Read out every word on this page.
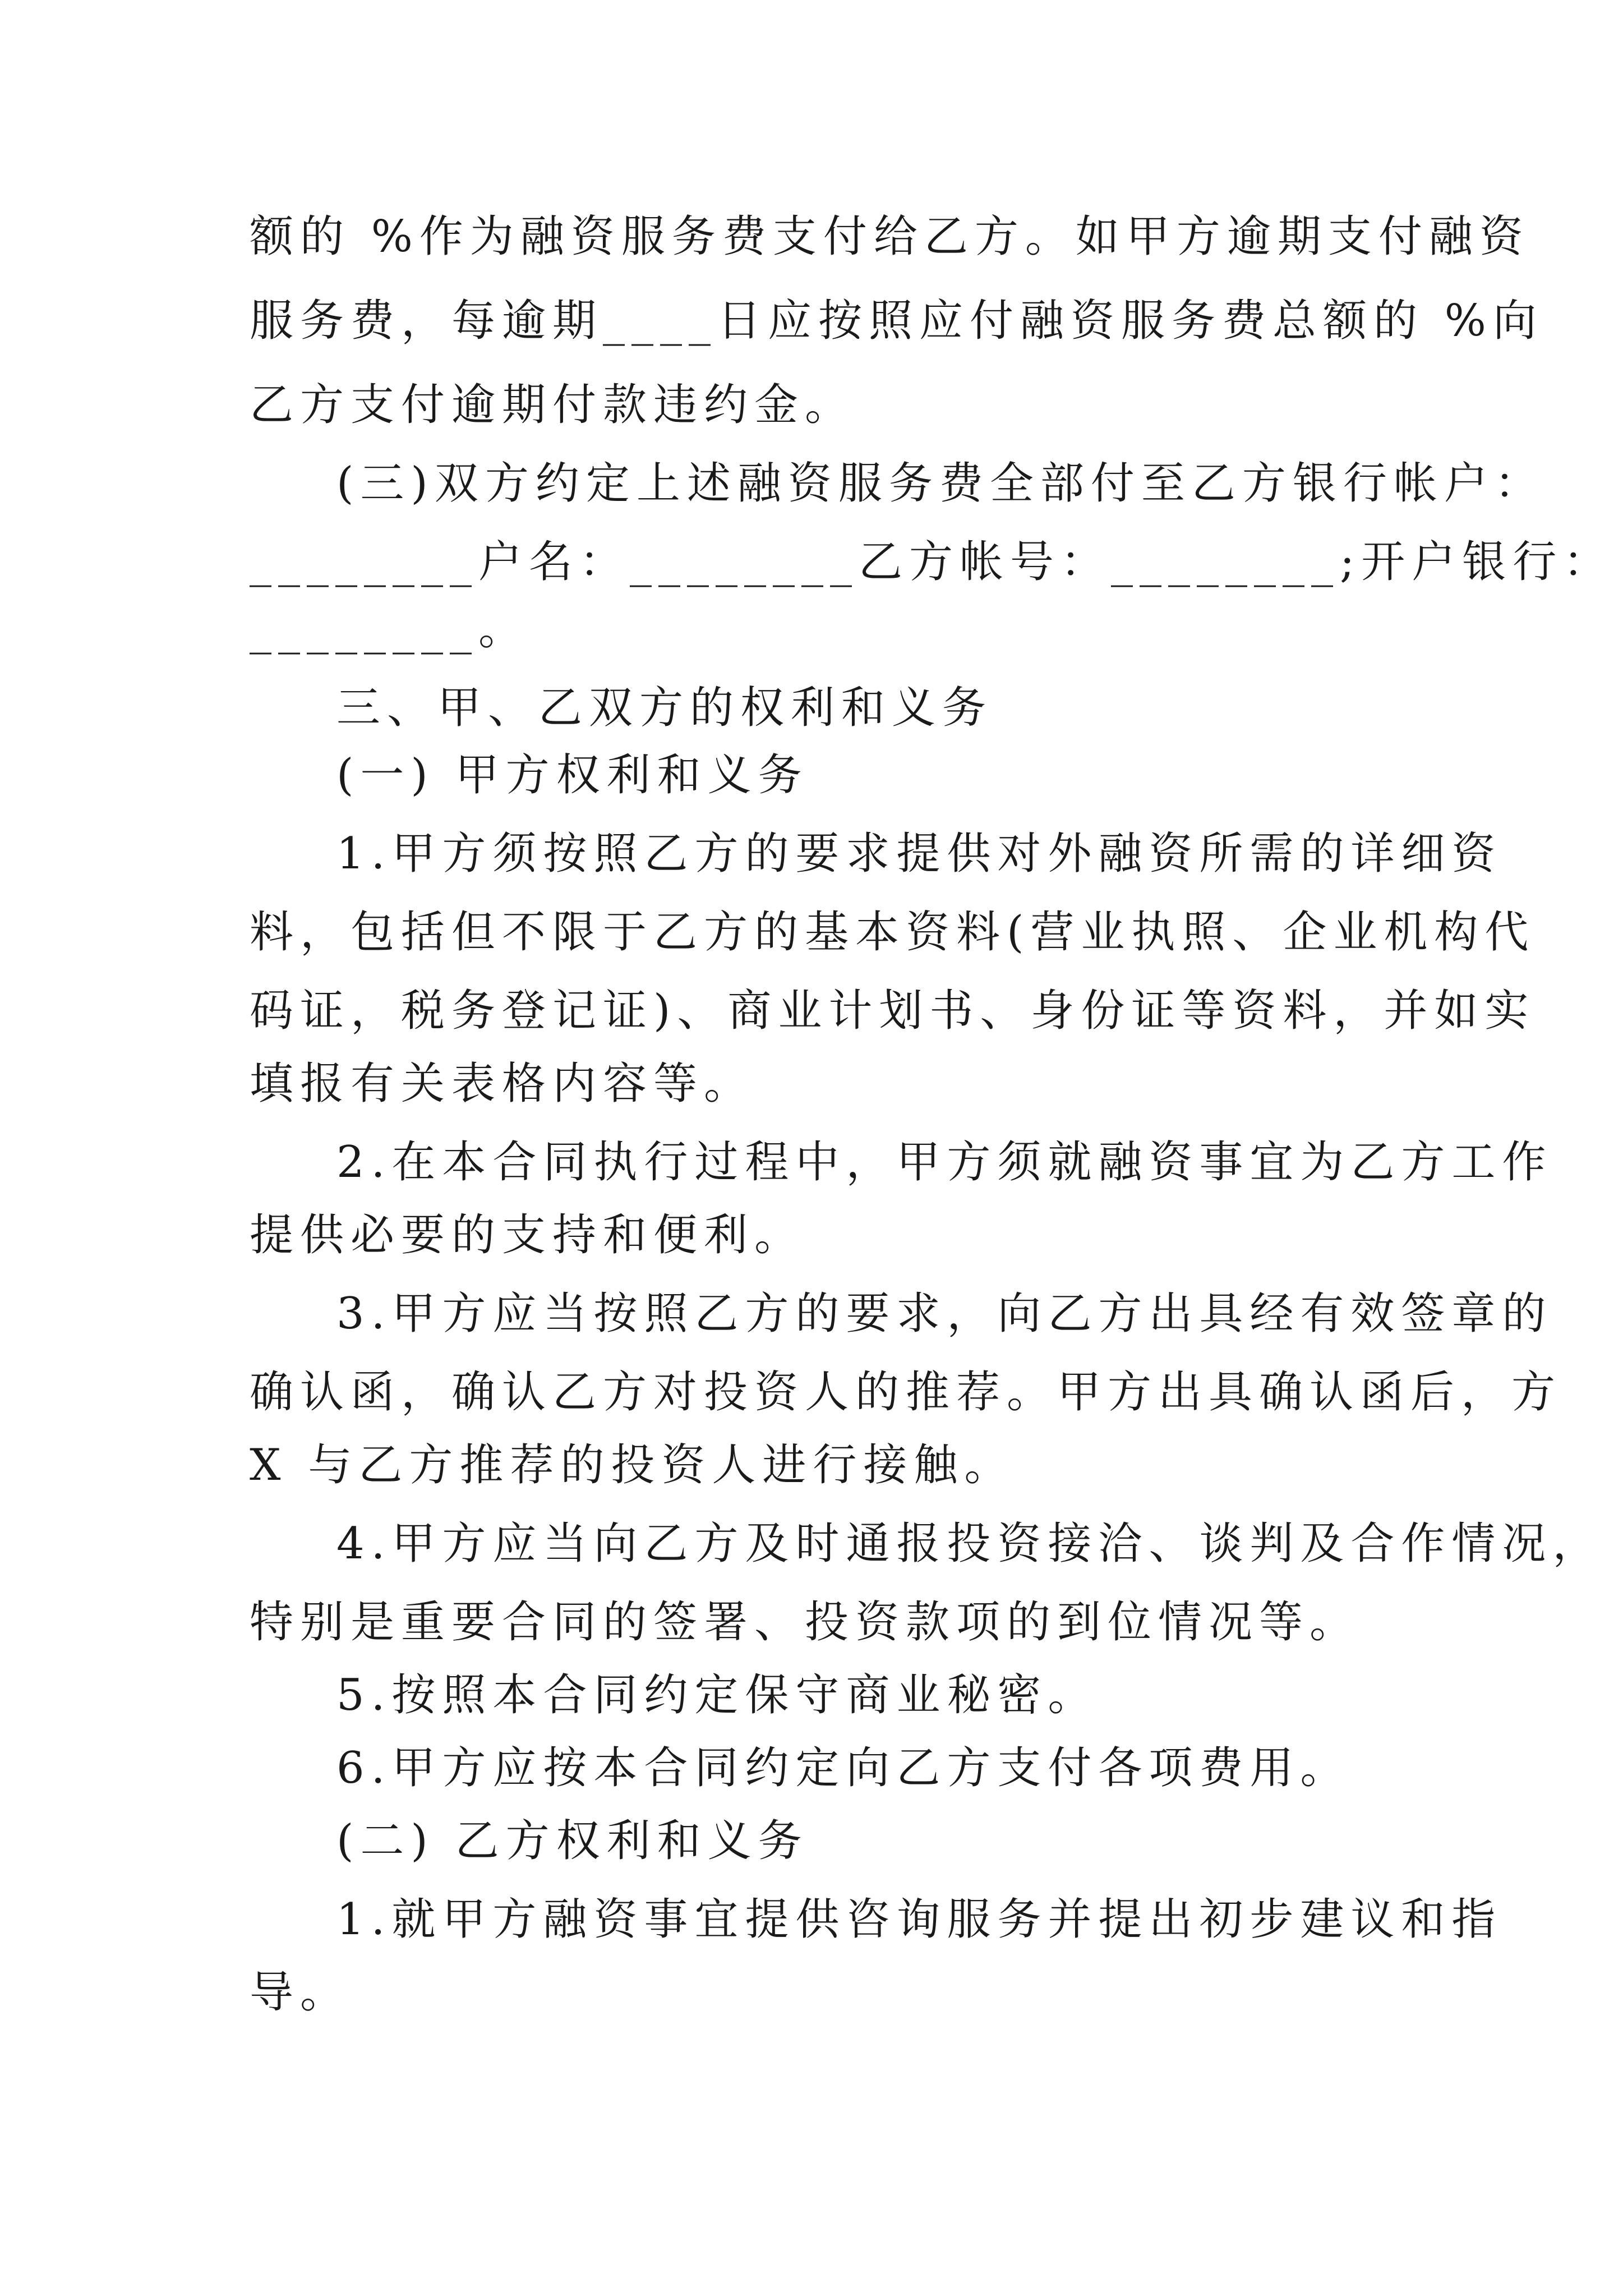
额的 %作为融资服务费支付给乙方。如甲方逾期支付融资
服务费，每逾期____日应按照应付融资服务费总额的 %向
乙方支付逾期付款违约金。
(三)双方约定上述融资服务费全部付至乙方银行帐户：
________户名：________乙方帐号：________;开户银行：
________。
三、甲、乙双方的权利和义务
(一) 甲方权利和义务
1.甲方须按照乙方的要求提供对外融资所需的详细资
料，包括但不限于乙方的基本资料(营业执照、企业机构代
码证，税务登记证)、商业计划书、身份证等资料，并如实
填报有关表格内容等。
2.在本合同执行过程中，甲方须就融资事宜为乙方工作
提供必要的支持和便利。
3.甲方应当按照乙方的要求，向乙方出具经有效签章的
确认函，确认乙方对投资人的推荐。甲方出具确认函后，方
X 与乙方推荐的投资人进行接触。
4.甲方应当向乙方及时通报投资接洽、谈判及合作情况，
特别是重要合同的签署、投资款项的到位情况等。
5.按照本合同约定保守商业秘密。
6.甲方应按本合同约定向乙方支付各项费用。
(二) 乙方权利和义务
1.就甲方融资事宜提供咨询服务并提出初步建议和指
导。
